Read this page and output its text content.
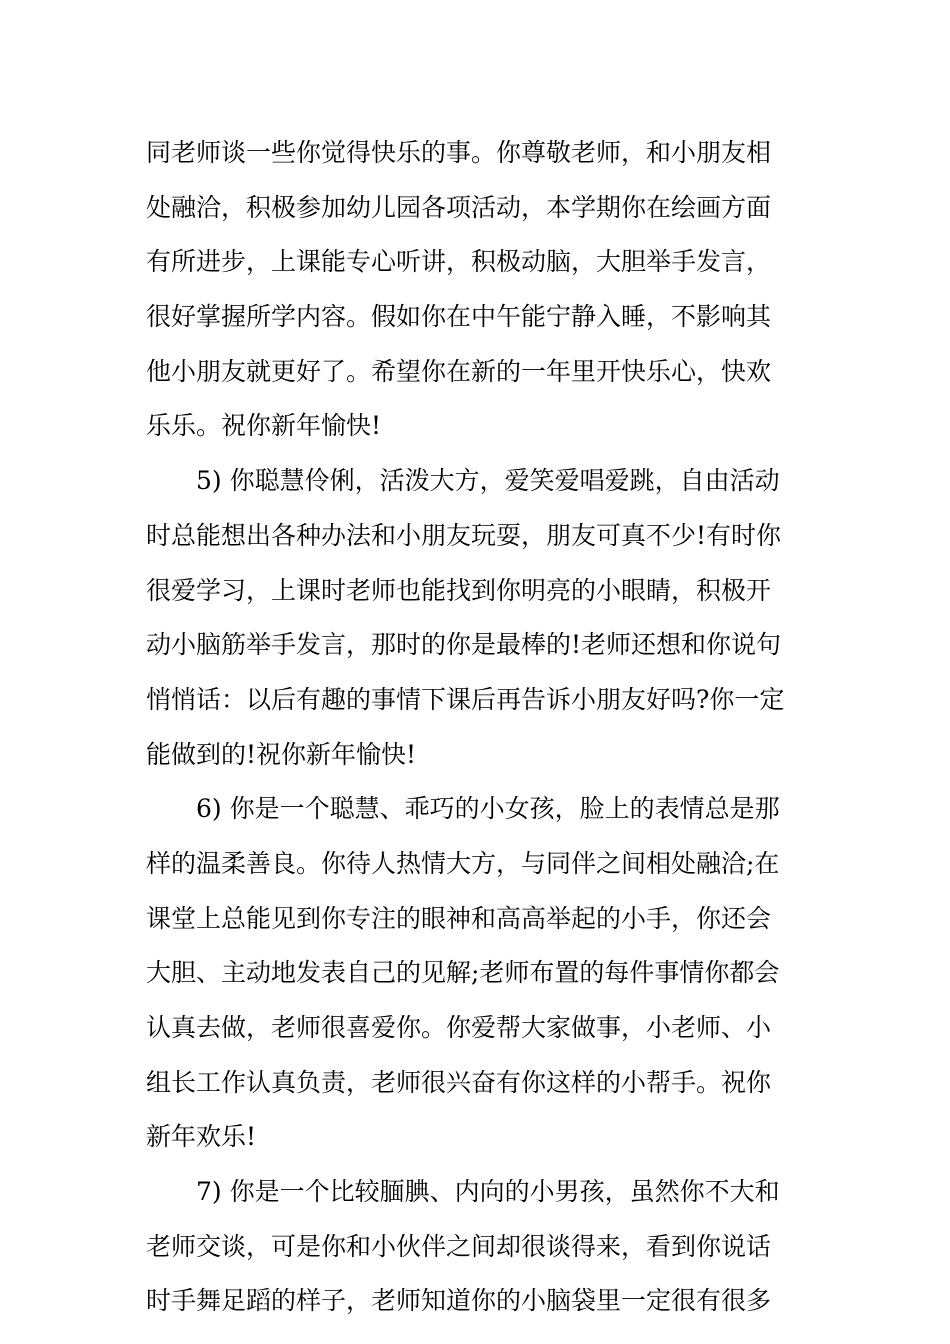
同老师谈一些你觉得快乐的事。你尊敬老师，和小朋友相
处融洽，积极参加幼儿园各项活动，本学期你在绘画方面
有所进步，上课能专心听讲，积极动脑，大胆举手发言，
很好掌握所学内容。假如你在中午能宁静入睡，不影响其
他小朋友就更好了。希望你在新的一年里开快乐心，快欢
乐乐。祝你新年愉快!
5) 你聪慧伶俐，活泼大方，爱笑爱唱爱跳，自由活动
时总能想出各种办法和小朋友玩耍，朋友可真不少!有时你
很爱学习，上课时老师也能找到你明亮的小眼睛，积极开
动小脑筋举手发言，那时的你是最棒的!老师还想和你说句
悄悄话：以后有趣的事情下课后再告诉小朋友好吗?你一定
能做到的!祝你新年愉快!
6) 你是一个聪慧、乖巧的小女孩，脸上的表情总是那
样的温柔善良。你待人热情大方，与同伴之间相处融洽;在
课堂上总能见到你专注的眼神和高高举起的小手，你还会
大胆、主动地发表自己的见解;老师布置的每件事情你都会
认真去做，老师很喜爱你。你爱帮大家做事，小老师、小
组长工作认真负责，老师很兴奋有你这样的小帮手。祝你
新年欢乐!
7) 你是一个比较腼腆、内向的小男孩，虽然你不大和
老师交谈，可是你和小伙伴之间却很谈得来，看到你说话
时手舞足蹈的样子，老师知道你的小脑袋里一定很有很多
